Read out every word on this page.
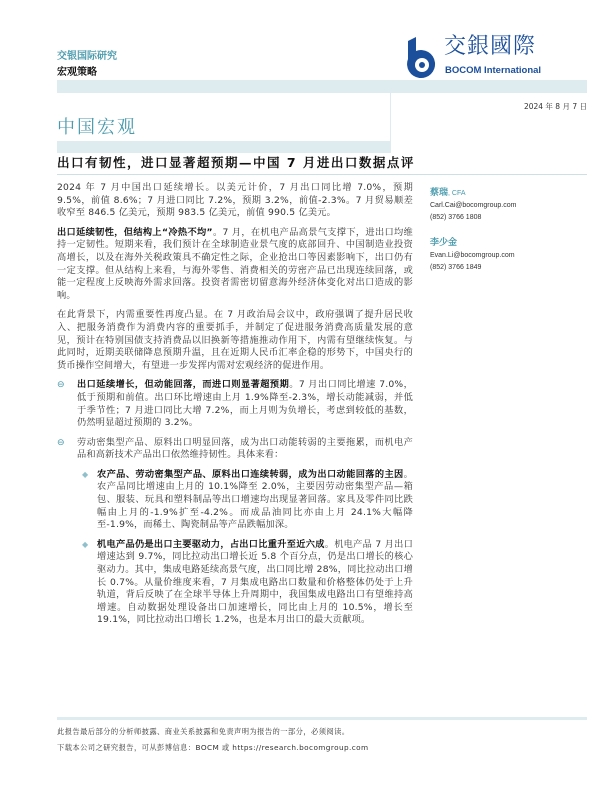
交银国际研究
宏观策略
交銀國際
BOCOM International
2024 年 8 月 7 日
中国宏观
出口有韧性，进口显著超预期—中国 7 月进出口数据点评

2024 年 7 月中国出口延续增长。以美元计价，7 月出口同比增 7.0%，预期 9.5%，前值 8.6%；7 月进口同比 7.2%，预期 3.2%，前值-2.3%。7 月贸易顺差收窄至 846.5 亿美元，预期 983.5 亿美元，前值 990.5 亿美元。

出口延续韧性，但结构上“冷热不均”。7 月，在机电产品高景气支撑下，进出口均维持一定韧性。短期来看，我们预计在全球制造业景气度的底部回升、中国制造业投资高增长，以及在海外关税政策具不确定性之际，企业抢出口等因素影响下，出口仍有一定支撑。但从结构上来看，与海外零售、消费相关的劳密产品已出现连续回落，或能一定程度上反映海外需求回落。投资者需密切留意海外经济体变化对出口造成的影响。

在此背景下，内需重要性再度凸显。在 7 月政治局会议中，政府强调了提升居民收入、把服务消费作为消费内容的重要抓手，并制定了促进服务消费高质量发展的意见，预计在特别国债支持消费品以旧换新等措施推动作用下，内需有望继续恢复。与此同时，近期美联储降息预期升温，且在近期人民币汇率企稳的形势下，中国央行的货币操作空间增大，有望进一步发挥内需对宏观经济的促进作用。

⊖ 出口延续增长，但动能回落，而进口则显著超预期。7 月出口同比增速 7.0%，低于预期和前值。出口环比增速由上月 1.9%降至-2.3%，增长动能减弱，并低于季节性；7 月进口同比大增 7.2%，而上月则为负增长，考虑到较低的基数，仍然明显超过预期的 3.2%。

⊖ 劳动密集型产品、原料出口明显回落，成为出口动能转弱的主要拖累，而机电产品和高新技术产品出口依然维持韧性。具体来看：

◆ 农产品、劳动密集型产品、原料出口连续转弱，成为出口动能回落的主因。农产品同比增速由上月的 10.1%降至 2.0%，主要因劳动密集型产品—箱包、服装、玩具和塑料制品等出口增速均出现显著回落。家具及零件同比跌幅由上月的-1.9%扩至-4.2%。而成品油同比亦由上月 24.1%大幅降至-1.9%，而稀土、陶瓷制品等产品跌幅加深。

◆ 机电产品仍是出口主要驱动力，占出口比重升至近六成。机电产品 7 月出口增速达到 9.7%，同比拉动出口增长近 5.8 个百分点，仍是出口增长的核心驱动力。其中，集成电路延续高景气度，出口同比增 28%，同比拉动出口增长 0.7%。从量价维度来看，7 月集成电路出口数量和价格整体仍处于上升轨道，背后反映了在全球半导体上升周期中，我国集成电路出口有望维持高增速。自动数据处理设备出口加速增长，同比由上月的 10.5%，增长至 19.1%，同比拉动出口增长 1.2%，也是本月出口的最大贡献项。

蔡瑞, CFA
Carl.Cai@bocomgroup.com
(852) 3766 1808
李少金
Evan.Li@bocomgroup.com
(852) 3766 1849
此报告最后部分的分析师披露、商业关系披露和免责声明为报告的一部分，必须阅读。
下载本公司之研究报告，可从彭博信息：BOCM 或 https://research.bocomgroup.com
